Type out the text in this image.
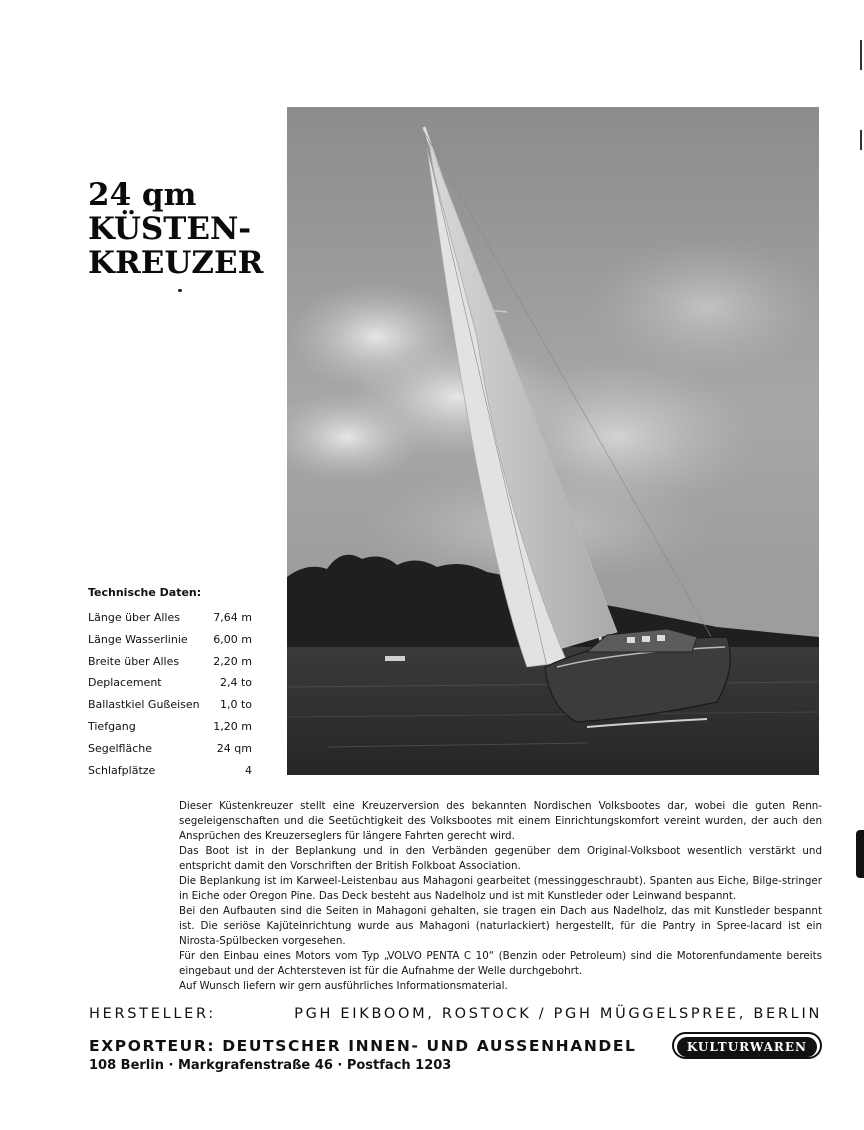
24 qm
KÜSTEN-
KREUZER
Technische Daten:
Länge über Alles	7,64 m
Länge Wasserlinie 6,00 m
Breite über Alles	2,20 m
Deplacement	2,4 to
Ballastkiel Gußeisen 1,0 to
Tiefgang	1,20 m
Segelfläche	24 qm
Schlafplätze	4

Dieser Küstenkreuzer stellt eine Kreuzerversion des bekannten Nordischen Volksbootes dar, wobei die guten Renn-segeleigenschaften und die Seetüchtigkeit des Volksbootes mit einem Einrichtungskomfort vereint wurden, der auch den Ansprüchen des Kreuzerseglers für längere Fahrten gerecht wird.

Das Boot ist in der Beplankung und in den Verbänden gegenüber dem Original-Volksboot wesentlich verstärkt und entspricht damit den Vorschriften der British Folkboat Association.

Die Beplankung ist im Karweel-Leistenbau aus Mahagoni gearbeitet (messinggeschraubt). Spanten aus Eiche, Bilge-stringer in Eiche oder Oregon Pine. Das Deck besteht aus Nadelholz und ist mit Kunstleder oder Leinwand bespannt.

Bei den Aufbauten sind die Seiten in Mahagoni gehalten, sie tragen ein Dach aus Nadelholz, das mit Kunstleder bespannt ist. Die seriöse Kajüteinrichtung wurde aus Mahagoni (naturlackiert) hergestellt, für die Pantry in Spree-lacard ist ein Nirosta-Spülbecken vorgesehen.

Für den Einbau eines Motors vom Typ „VOLVO PENTA C 10“ (Benzin oder Petroleum) sind die Motorenfundamente bereits eingebaut und der Achtersteven ist für die Aufnahme der Welle durchgebohrt.

Auf Wunsch liefern wir gern ausführliches Informationsmaterial.

HERSTELLER:	PGH EIKBOOM, ROSTOCK / PGH MÜGGELSPREE, BERLIN
EXPORTEUR: DEUTSCHER INNEN- UND AUSSENHANDEL	KULTURWAREN
108 Berlin · Markgrafenstraße 46 · Postfach 1203
